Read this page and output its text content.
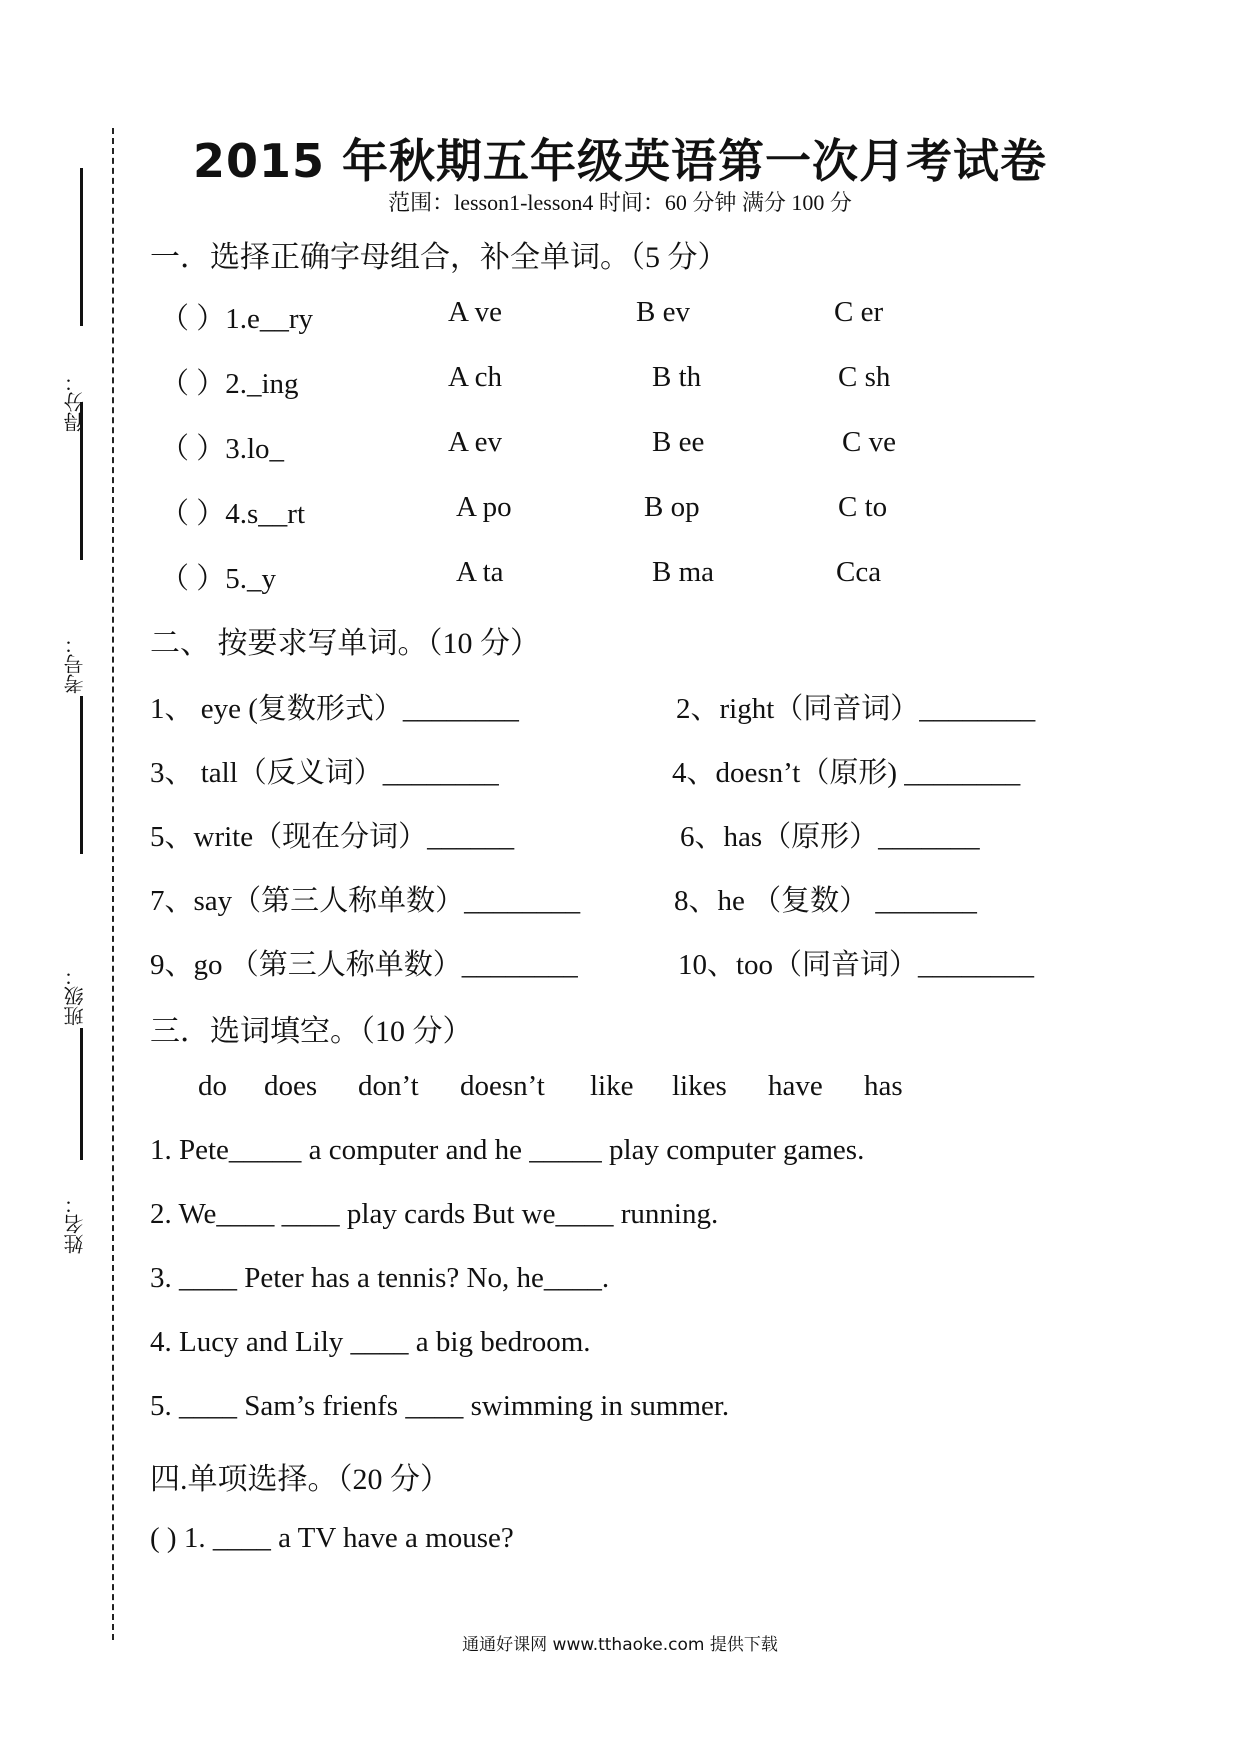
得分：
考号：
班级：
姓名：
2015 年秋期五年级英语第一次月考试卷
范围：lesson1-lesson4 时间：60 分钟 满分 100 分
一．选择正确字母组合，补全单词。（5 分）
（ ）1.e__ry	A ve	B ev	C er
（ ）2._ing	A ch	B th	C sh
（ ）3.lo_	A ev	B ee	C ve
（ ）4.s__rt	A po	B op	C to
（ ）5._y	A ta	B ma	Cca
二、 按要求写单词。（10 分）
1、 eye (复数形式）________	2、right（同音词）________
3、 tall（反义词）________	4、doesn’t（原形) ________
5、write（现在分词）______	6、has（原形）_______
7、say（第三人称单数）________	8、he （复数） _______
9、go （第三人称单数）________	10、too（同音词）________
三．选词填空。（10 分）
do does don’t doesn’t like likes have has
1. Pete_____ a computer and he _____ play computer games.
2. We____ ____ play cards But we____ running.
3. ____ Peter has a tennis? No, he____.
4. Lucy and Lily ____ a big bedroom.
5. ____ Sam’s frienfs ____ swimming in summer.
四.单项选择。（20 分）
( ) 1. ____ a TV have a mouse?
通通好课网 www.tthaoke.com 提供下载
